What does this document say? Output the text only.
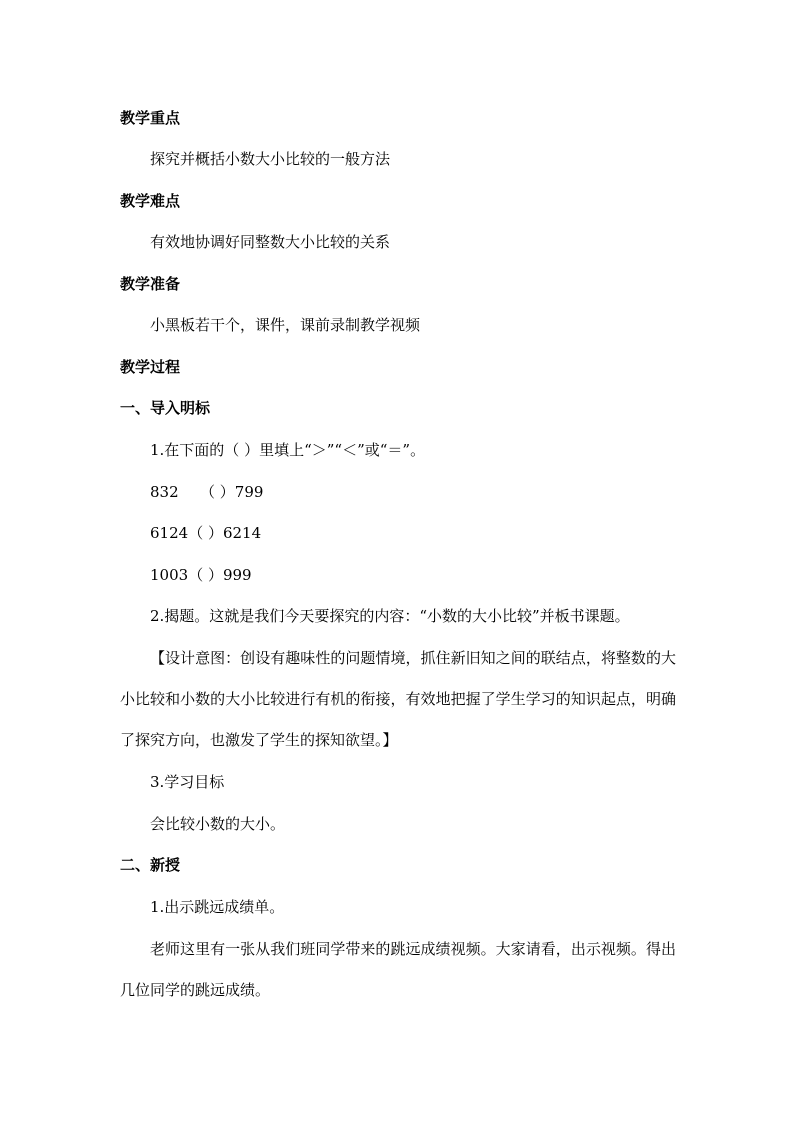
教学重点
探究并概括小数大小比较的一般方法
教学难点
有效地协调好同整数大小比较的关系
教学准备
小黑板若干个，课件，课前录制教学视频
教学过程
一、导入明标
1.在下面的（ ）里填上“＞”“＜”或“＝”。
832 （ ）799
6124（ ）6214
1003（ ）999
2.揭题。这就是我们今天要探究的内容：“小数的大小比较”并板书课题。
【设计意图：创设有趣味性的问题情境，抓住新旧知之间的联结点，将整数的大小比较和小数的大小比较进行有机的衔接，有效地把握了学生学习的知识起点，明确了探究方向，也激发了学生的探知欲望。】
3.学习目标
会比较小数的大小。
二、新授
1.出示跳远成绩单。
老师这里有一张从我们班同学带来的跳远成绩视频。大家请看，出示视频。得出几位同学的跳远成绩。
